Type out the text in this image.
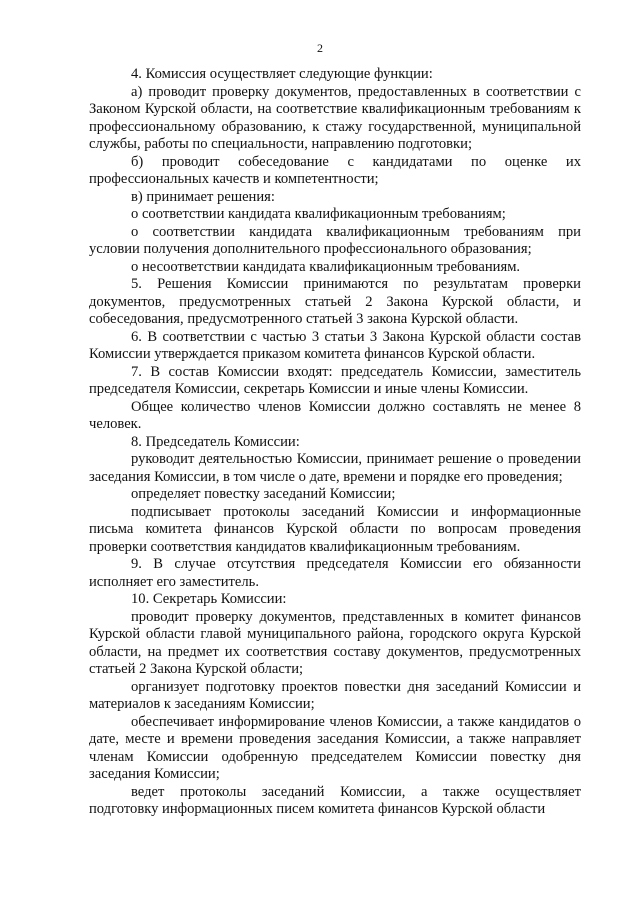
2

4. Комиссия осуществляет следующие функции:

а) проводит проверку документов, предоставленных в соответствии с Законом Курской области, на соответствие квалификационным требованиям к профессиональному образованию, к стажу государственной, муниципальной службы, работы по специальности, направлению подготовки;

б) проводит собеседование с кандидатами по оценке их профессиональных качеств и компетентности;

в) принимает решения:

о соответствии кандидата квалификационным требованиям;

о соответствии кандидата квалификационным требованиям при условии получения дополнительного профессионального образования;

о несоответствии кандидата квалификационным требованиям.

5. Решения Комиссии принимаются по результатам проверки документов, предусмотренных статьей 2 Закона Курской области, и собеседования, предусмотренного статьей 3 закона Курской области.

6. В соответствии с частью 3 статьи 3 Закона Курской области состав Комиссии утверждается приказом комитета финансов Курской области.

7. В состав Комиссии входят: председатель Комиссии, заместитель председателя Комиссии, секретарь Комиссии и иные члены Комиссии.

Общее количество членов Комиссии должно составлять не менее 8 человек.

8. Председатель Комиссии:

руководит деятельностью Комиссии, принимает решение о проведении заседания Комиссии, в том числе о дате, времени и порядке его проведения;

определяет повестку заседаний Комиссии;

подписывает протоколы заседаний Комиссии и информационные письма комитета финансов Курской области по вопросам проведения проверки соответствия кандидатов квалификационным требованиям.

9. В случае отсутствия председателя Комиссии его обязанности исполняет его заместитель.

10. Секретарь Комиссии:

проводит проверку документов, представленных в комитет финансов Курской области главой муниципального района, городского округа Курской области, на предмет их соответствия составу документов, предусмотренных статьей 2 Закона Курской области;

организует подготовку проектов повестки дня заседаний Комиссии и материалов к заседаниям Комиссии;

обеспечивает информирование членов Комиссии, а также кандидатов о дате, месте и времени проведения заседания Комиссии, а также направляет членам Комиссии одобренную председателем Комиссии повестку дня заседания Комиссии;

ведет протоколы заседаний Комиссии, а также осуществляет подготовку информационных писем комитета финансов Курской области
